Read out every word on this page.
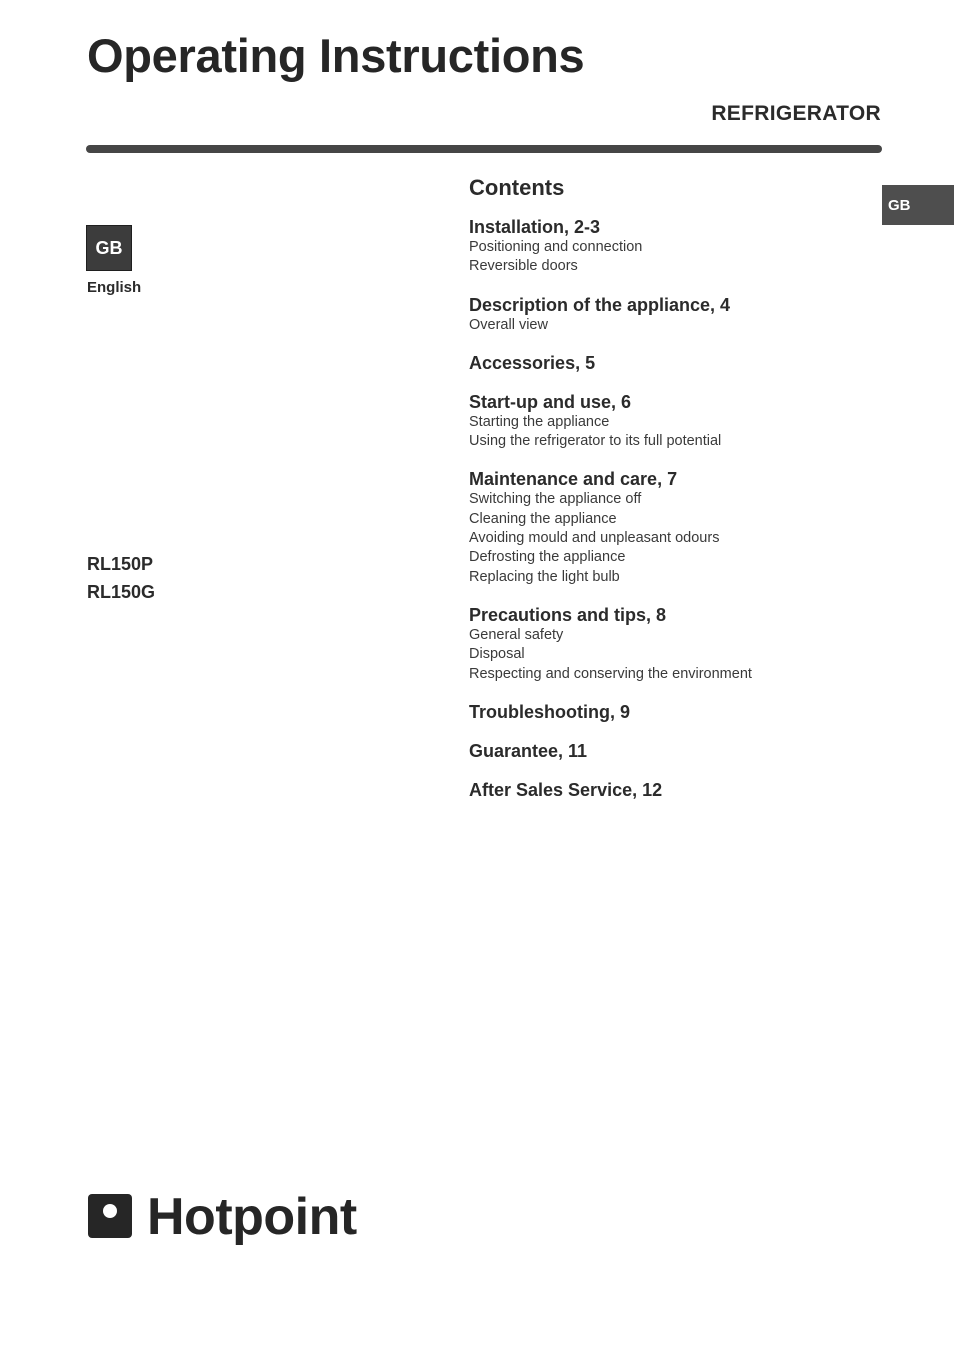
Operating Instructions
REFRIGERATOR
GB
GB
English
RL150P
RL150G
Contents
Installation, 2-3
Positioning and connection
Reversible doors
Description of the appliance, 4
Overall view
Accessories, 5
Start-up and use, 6
Starting the appliance
Using the refrigerator to its full potential
Maintenance and care, 7
Switching the appliance off
Cleaning the appliance
Avoiding mould and unpleasant odours
Defrosting the appliance
Replacing the light bulb
Precautions and tips, 8
General safety
Disposal
Respecting and conserving the environment
Troubleshooting, 9
Guarantee, 11
After Sales Service, 12
Hotpoint
